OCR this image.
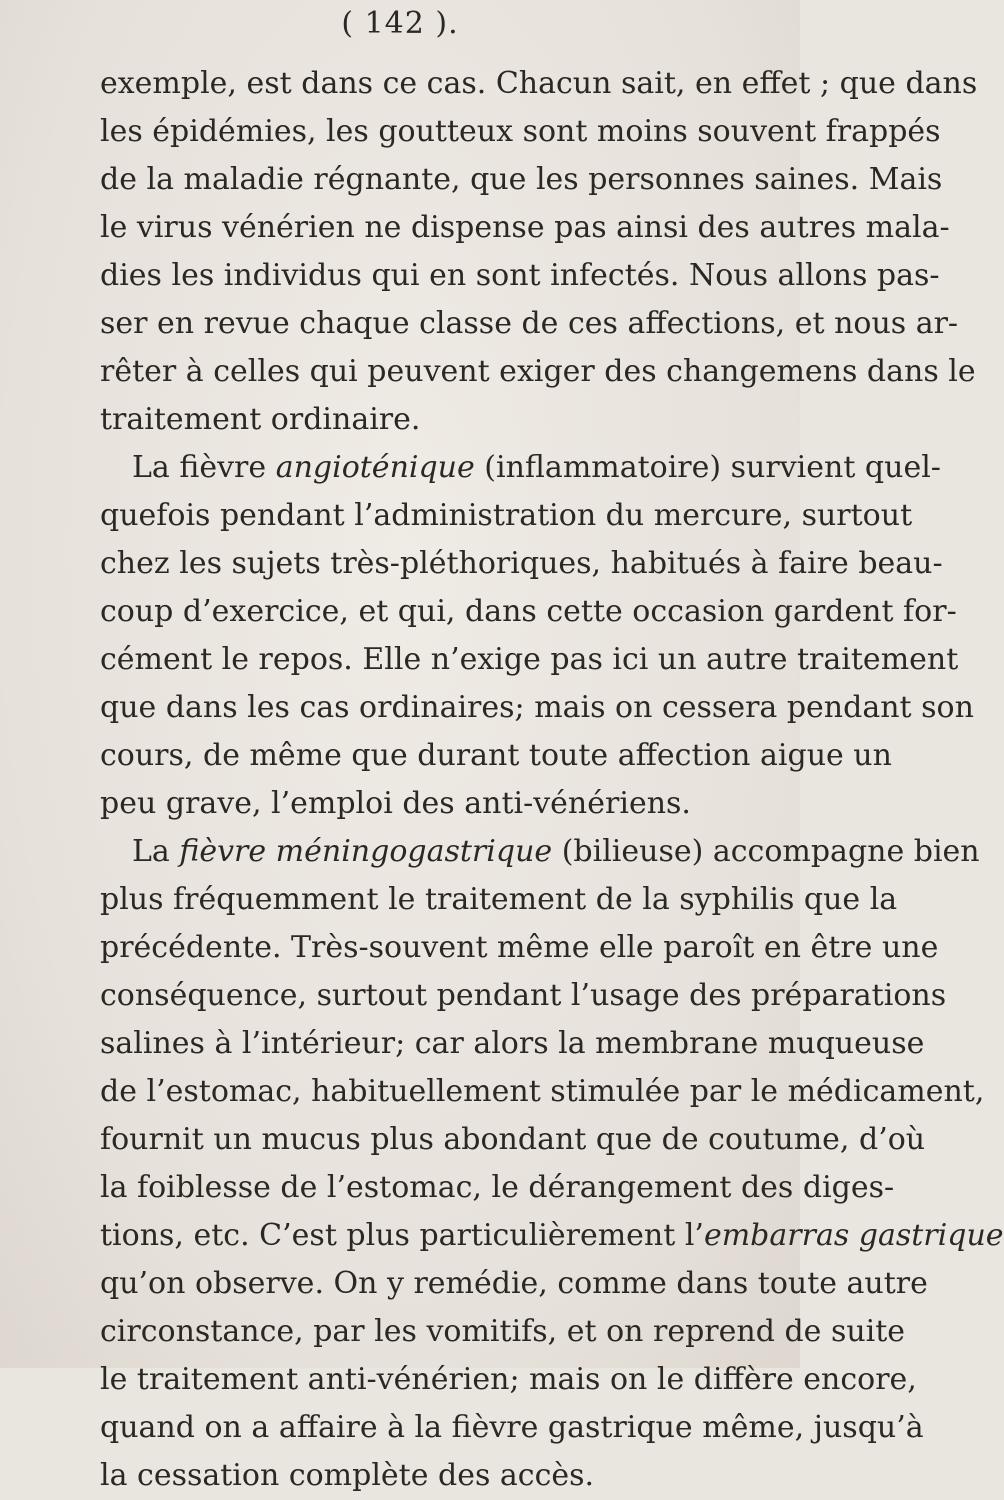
( 142 ).
exemple, est dans ce cas. Chacun sait, en effet ; que dans
les épidémies, les goutteux sont moins souvent frappés
de la maladie régnante, que les personnes saines. Mais
le virus vénérien ne dispense pas ainsi des autres mala-
dies les individus qui en sont infectés. Nous allons pas-
ser en revue chaque classe de ces affections, et nous ar-
rêter à celles qui peuvent exiger des changemens dans le
traitement ordinaire.
La fièvre angioténique (inflammatoire) survient quel-
quefois pendant l’administration du mercure, surtout
chez les sujets très-pléthoriques, habitués à faire beau-
coup d’exercice, et qui, dans cette occasion gardent for-
cément le repos. Elle n’exige pas ici un autre traitement
que dans les cas ordinaires; mais on cessera pendant son
cours, de même que durant toute affection aigue un
peu grave, l’emploi des anti-vénériens.
La fièvre méningogastrique (bilieuse) accompagne bien
plus fréquemment le traitement de la syphilis que la
précédente. Très-souvent même elle paroît en être une
conséquence, surtout pendant l’usage des préparations
salines à l’intérieur; car alors la membrane muqueuse
de l’estomac, habituellement stimulée par le médicament,
fournit un mucus plus abondant que de coutume, d’où
la foiblesse de l’estomac, le dérangement des diges-
tions, etc. C’est plus particulièrement l’embarras gastrique
qu’on observe. On y remédie, comme dans toute autre
circonstance, par les vomitifs, et on reprend de suite
le traitement anti-vénérien; mais on le diffère encore,
quand on a affaire à la fièvre gastrique même, jusqu’à
la cessation complète des accès.
